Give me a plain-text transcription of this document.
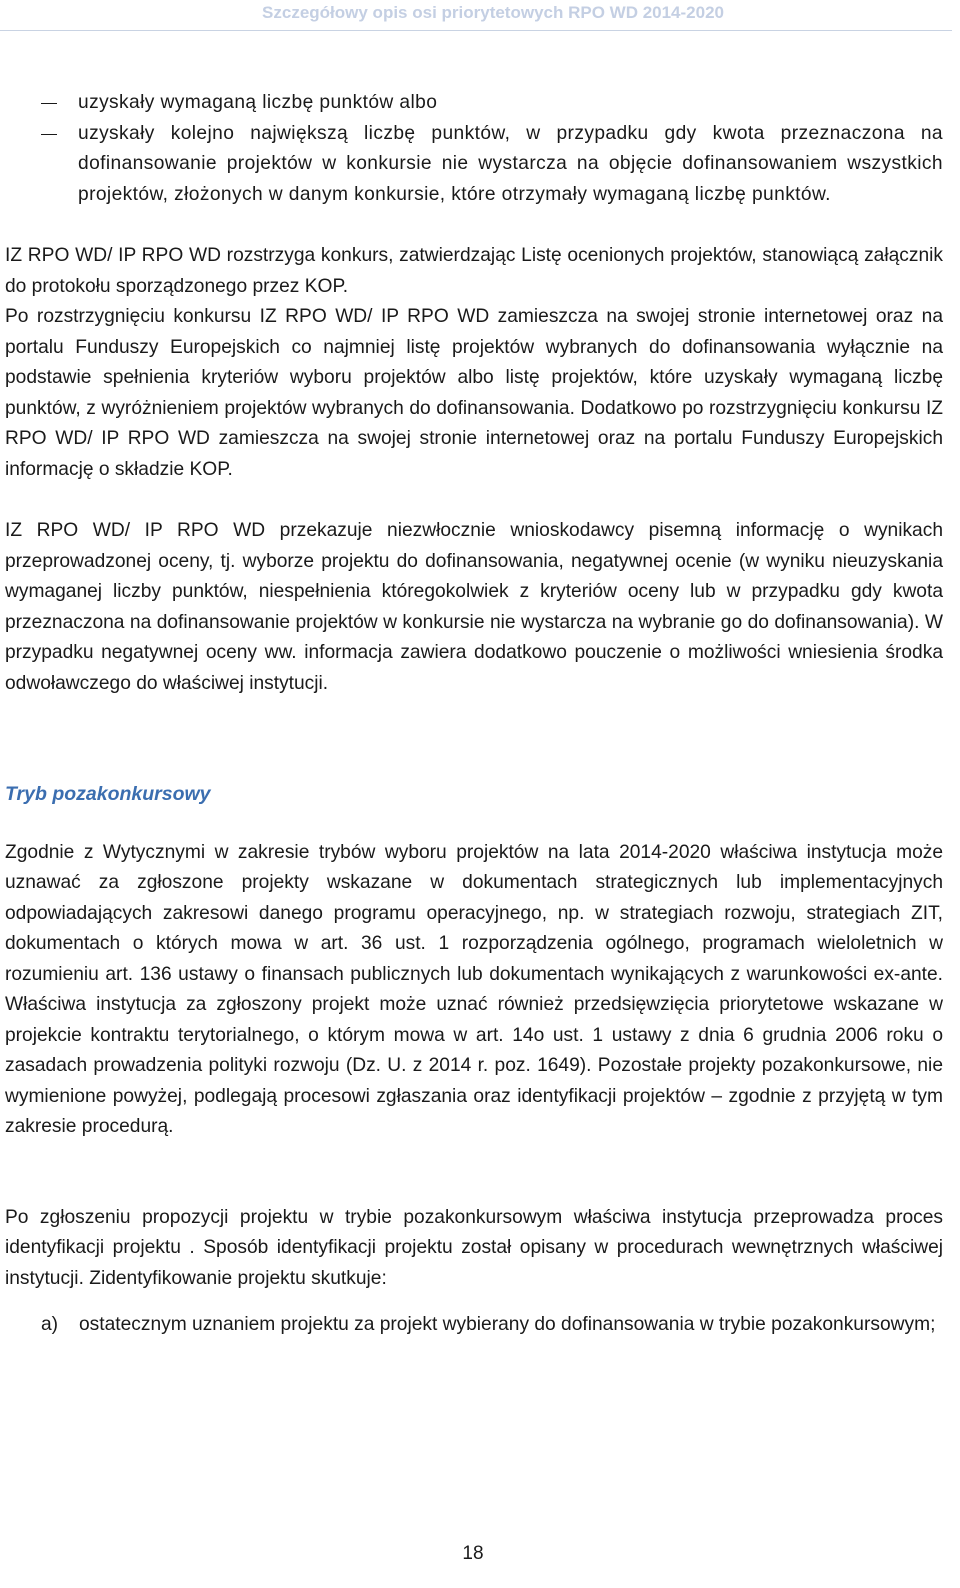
Szczegółowy opis osi priorytetowych RPO WD 2014-2020
uzyskały wymaganą liczbę punktów albo
uzyskały kolejno największą liczbę punktów, w przypadku gdy kwota przeznaczona na dofinansowanie projektów w konkursie nie wystarcza na objęcie dofinansowaniem wszystkich projektów, złożonych w danym konkursie, które otrzymały wymaganą liczbę punktów.

IZ RPO WD/ IP RPO WD rozstrzyga konkurs, zatwierdzając Listę ocenionych projektów, stanowiącą załącznik do protokołu sporządzonego przez KOP.

Po rozstrzygnięciu konkursu IZ RPO WD/ IP RPO WD zamieszcza na swojej stronie internetowej oraz na portalu Funduszy Europejskich co najmniej listę projektów wybranych do dofinansowania wyłącznie na podstawie spełnienia kryteriów wyboru projektów albo listę projektów, które uzyskały wymaganą liczbę punktów, z wyróżnieniem projektów wybranych do dofinansowania. Dodatkowo po rozstrzygnięciu konkursu IZ RPO WD/ IP RPO WD zamieszcza na swojej stronie internetowej oraz na portalu Funduszy Europejskich informację o składzie KOP.

IZ RPO WD/ IP RPO WD przekazuje niezwłocznie wnioskodawcy pisemną informację o wynikach przeprowadzonej oceny, tj. wyborze projektu do dofinansowania, negatywnej ocenie (w wyniku nieuzyskania wymaganej liczby punktów, niespełnienia któregokolwiek z kryteriów oceny lub w przypadku gdy kwota przeznaczona na dofinansowanie projektów w konkursie nie wystarcza na wybranie go do dofinansowania). W przypadku negatywnej oceny ww. informacja zawiera dodatkowo pouczenie o możliwości wniesienia środka odwoławczego do właściwej instytucji.

Tryb pozakonkursowy

Zgodnie z Wytycznymi w zakresie trybów wyboru projektów na lata 2014-2020 właściwa instytucja może uznawać za zgłoszone projekty wskazane w dokumentach strategicznych lub implementacyjnych odpowiadających zakresowi danego programu operacyjnego, np. w strategiach rozwoju, strategiach ZIT, dokumentach o których mowa w art. 36 ust. 1 rozporządzenia ogólnego, programach wieloletnich w rozumieniu art. 136 ustawy o finansach publicznych lub dokumentach wynikających z warunkowości ex-ante. Właściwa instytucja za zgłoszony projekt może uznać również przedsięwzięcia priorytetowe wskazane w projekcie kontraktu terytorialnego, o którym mowa w art. 14o ust. 1 ustawy z dnia 6 grudnia 2006 roku o zasadach prowadzenia polityki rozwoju (Dz. U. z 2014 r. poz. 1649). Pozostałe projekty pozakonkursowe, nie wymienione powyżej, podlegają procesowi zgłaszania oraz identyfikacji projektów – zgodnie z przyjętą w tym zakresie procedurą.

Po zgłoszeniu propozycji projektu w trybie pozakonkursowym właściwa instytucja przeprowadza proces identyfikacji projektu . Sposób identyfikacji projektu został opisany w procedurach wewnętrznych właściwej instytucji. Zidentyfikowanie projektu skutkuje:

a) ostatecznym uznaniem projektu za projekt wybierany do dofinansowania w trybie pozakonkursowym;
18
